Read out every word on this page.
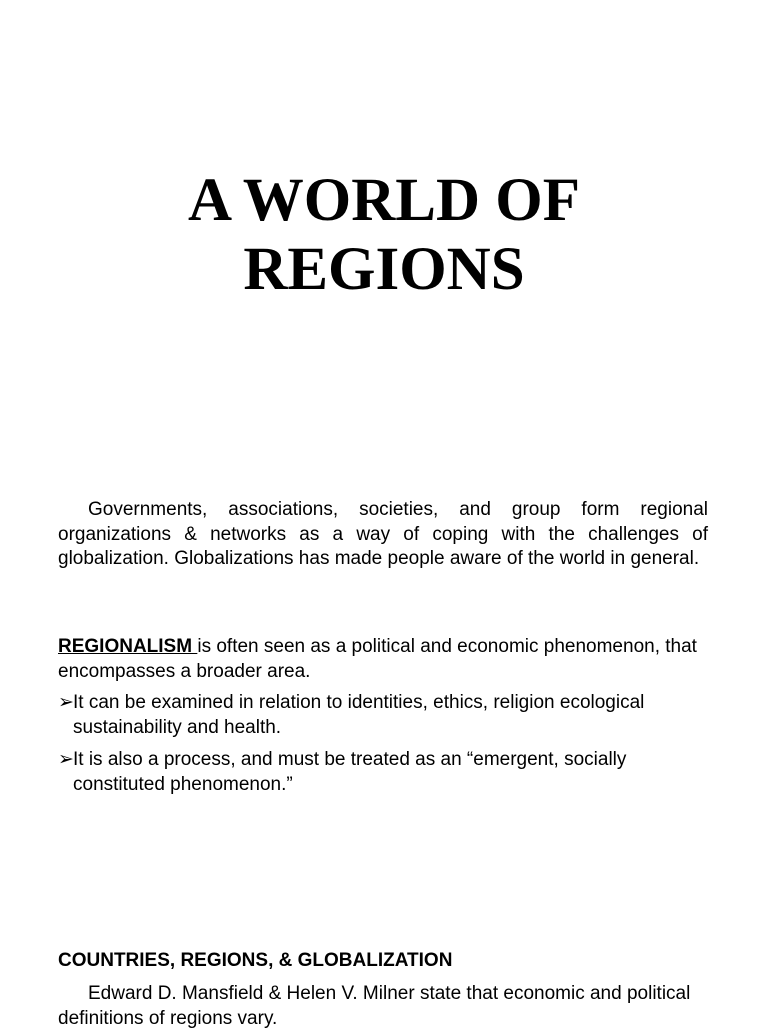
A WORLD OF
REGIONS

Governments, associations, societies, and group form regional organizations & networks as a way of coping with the challenges of globalization. Globalizations has made people aware of the world in general.

REGIONALISM is often seen as a political and economic phenomenon, that encompasses a broader area.

➢ It can be examined in relation to identities, ethics, religion ecological sustainability and health.

➢ It is also a process, and must be treated as an “emergent, socially constituted phenomenon.”

COUNTRIES, REGIONS, & GLOBALIZATION

Edward D. Mansfield & Helen V. Milner state that economic and political definitions of regions vary.
